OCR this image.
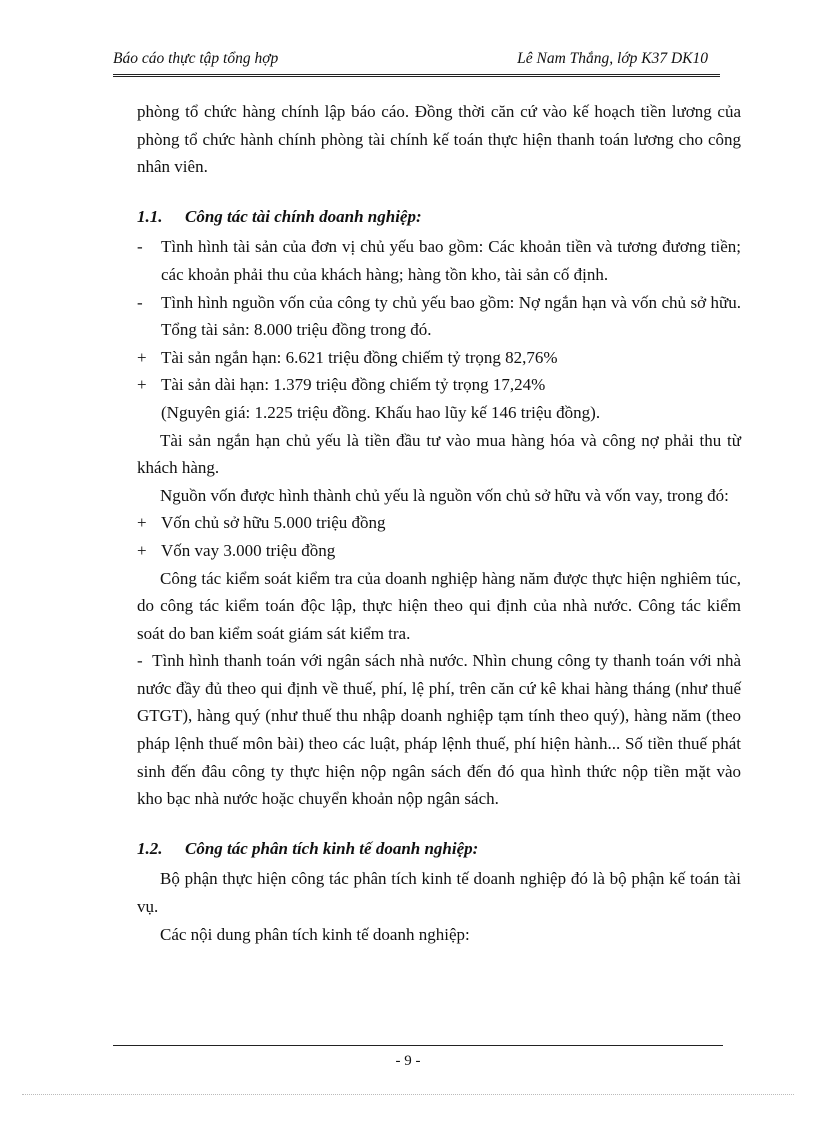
Báo cáo thực tập tổng hợp	Lê Nam Thắng, lớp K37 DK10

phòng tổ chức hàng chính lập báo cáo. Đồng thời căn cứ vào kế hoạch tiền lương của phòng tổ chức hành chính phòng tài chính kế toán thực hiện thanh toán lương cho công nhân viên.

1.1. Công tác tài chính doanh nghiệp:
- Tình hình tài sản của đơn vị chủ yếu bao gồm: Các khoản tiền và tương đương tiền; các khoản phải thu của khách hàng; hàng tồn kho, tài sản cố định.
- Tình hình nguồn vốn của công ty chủ yếu bao gồm: Nợ ngắn hạn và vốn chủ sở hữu. Tổng tài sản: 8.000 triệu đồng trong đó.
+ Tài sản ngắn hạn: 6.621 triệu đồng chiếm tỷ trọng 82,76%
+ Tài sản dài hạn: 1.379 triệu đồng chiếm tỷ trọng 17,24%

(Nguyên giá: 1.225 triệu đồng. Khấu hao lũy kế 146 triệu đồng).

Tài sản ngắn hạn chủ yếu là tiền đầu tư vào mua hàng hóa và công nợ phải thu từ khách hàng.

Nguồn vốn được hình thành chủ yếu là nguồn vốn chủ sở hữu và vốn vay, trong đó:

+ Vốn chủ sở hữu 5.000 triệu đồng
+ Vốn vay 3.000 triệu đồng

Công tác kiểm soát kiểm tra của doanh nghiệp hàng năm được thực hiện nghiêm túc, do công tác kiểm toán độc lập, thực hiện theo qui định của nhà nước. Công tác kiểm soát do ban kiểm soát giám sát kiểm tra.

- Tình hình thanh toán với ngân sách nhà nước. Nhìn chung công ty thanh toán với nhà nước đầy đủ theo qui định về thuế, phí, lệ phí, trên căn cứ kê khai hàng tháng (như thuế GTGT), hàng quý (như thuế thu nhập doanh nghiệp tạm tính theo quý), hàng năm (theo pháp lệnh thuế môn bài) theo các luật, pháp lệnh thuế, phí hiện hành... Số tiền thuế phát sinh đến đâu công ty thực hiện nộp ngân sách đến đó qua hình thức nộp tiền mặt vào kho bạc nhà nước hoặc chuyển khoản nộp ngân sách.

1.2. Công tác phân tích kinh tế doanh nghiệp:

Bộ phận thực hiện công tác phân tích kinh tế doanh nghiệp đó là bộ phận kế toán tài vụ.

Các nội dung phân tích kinh tế doanh nghiệp:

- 9 -
